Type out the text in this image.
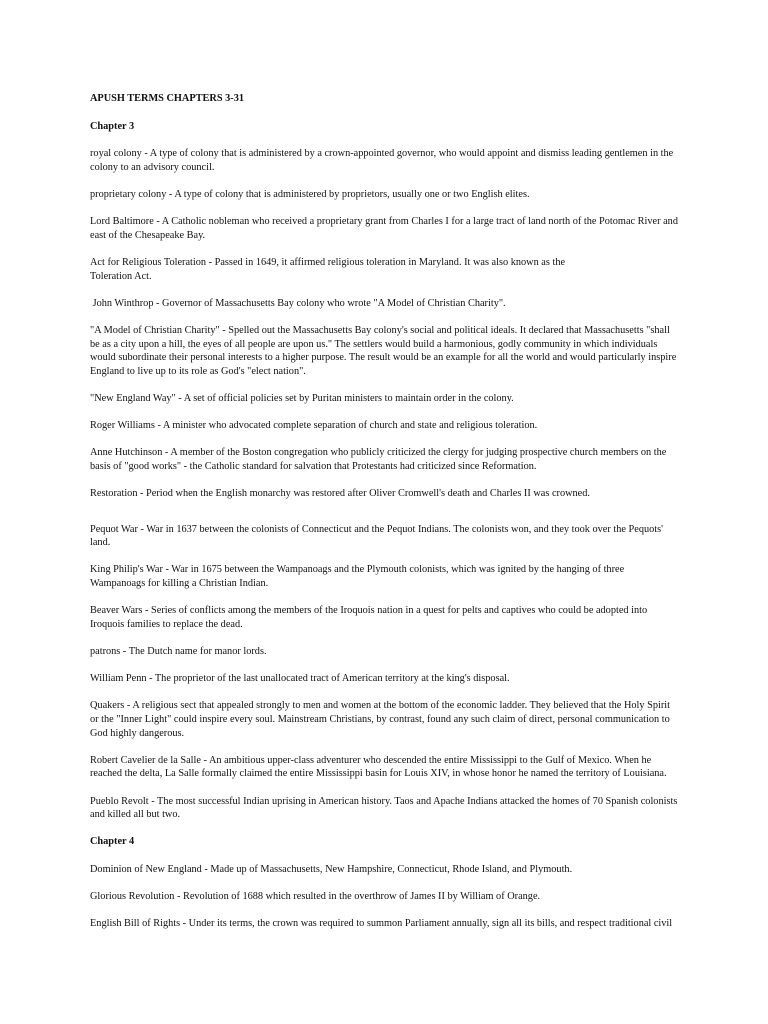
APUSH TERMS CHAPTERS 3-31

Chapter 3

royal colony - A type of colony that is administered by a crown-appointed governor, who would appoint and dismiss leading gentlemen in the colony to an advisory council.

proprietary colony - A type of colony that is administered by proprietors, usually one or two English elites.

Lord Baltimore - A Catholic nobleman who received a proprietary grant from Charles I for a large tract of land north of the Potomac River and east of the Chesapeake Bay.

Act for Religious Toleration - Passed in 1649, it affirmed religious toleration in Maryland. It was also known as the Toleration Act.

John Winthrop - Governor of Massachusetts Bay colony who wrote "A Model of Christian Charity".

"A Model of Christian Charity" - Spelled out the Massachusetts Bay colony's social and political ideals. It declared that Massachusetts "shall be as a city upon a hill, the eyes of all people are upon us." The settlers would build a harmonious, godly community in which individuals would subordinate their personal interests to a higher purpose. The result would be an example for all the world and would particularly inspire England to live up to its role as God's "elect nation".

"New England Way" - A set of official policies set by Puritan ministers to maintain order in the colony.

Roger Williams - A minister who advocated complete separation of church and state and religious toleration.

Anne Hutchinson - A member of the Boston congregation who publicly criticized the clergy for judging prospective church members on the basis of "good works" - the Catholic standard for salvation that Protestants had criticized since Reformation.

Restoration - Period when the English monarchy was restored after Oliver Cromwell's death and Charles II was crowned.

Pequot War - War in 1637 between the colonists of Connecticut and the Pequot Indians. The colonists won, and they took over the Pequots' land.

King Philip's War - War in 1675 between the Wampanoags and the Plymouth colonists, which was ignited by the hanging of three Wampanoags for killing a Christian Indian.

Beaver Wars - Series of conflicts among the members of the Iroquois nation in a quest for pelts and captives who could be adopted into Iroquois families to replace the dead.

patrons - The Dutch name for manor lords.

William Penn - The proprietor of the last unallocated tract of American territory at the king's disposal.

Quakers - A religious sect that appealed strongly to men and women at the bottom of the economic ladder. They believed that the Holy Spirit or the "Inner Light" could inspire every soul. Mainstream Christians, by contrast, found any such claim of direct, personal communication to God highly dangerous.

Robert Cavelier de la Salle - An ambitious upper-class adventurer who descended the entire Mississippi to the Gulf of Mexico. When he reached the delta, La Salle formally claimed the entire Mississippi basin for Louis XIV, in whose honor he named the territory of Louisiana.

Pueblo Revolt - The most successful Indian uprising in American history. Taos and Apache Indians attacked the homes of 70 Spanish colonists and killed all but two.

Chapter 4

Dominion of New England - Made up of Massachusetts, New Hampshire, Connecticut, Rhode Island, and Plymouth.

Glorious Revolution - Revolution of 1688 which resulted in the overthrow of James II by William of Orange.

English Bill of Rights - Under its terms, the crown was required to summon Parliament annually, sign all its bills, and respect traditional civil
